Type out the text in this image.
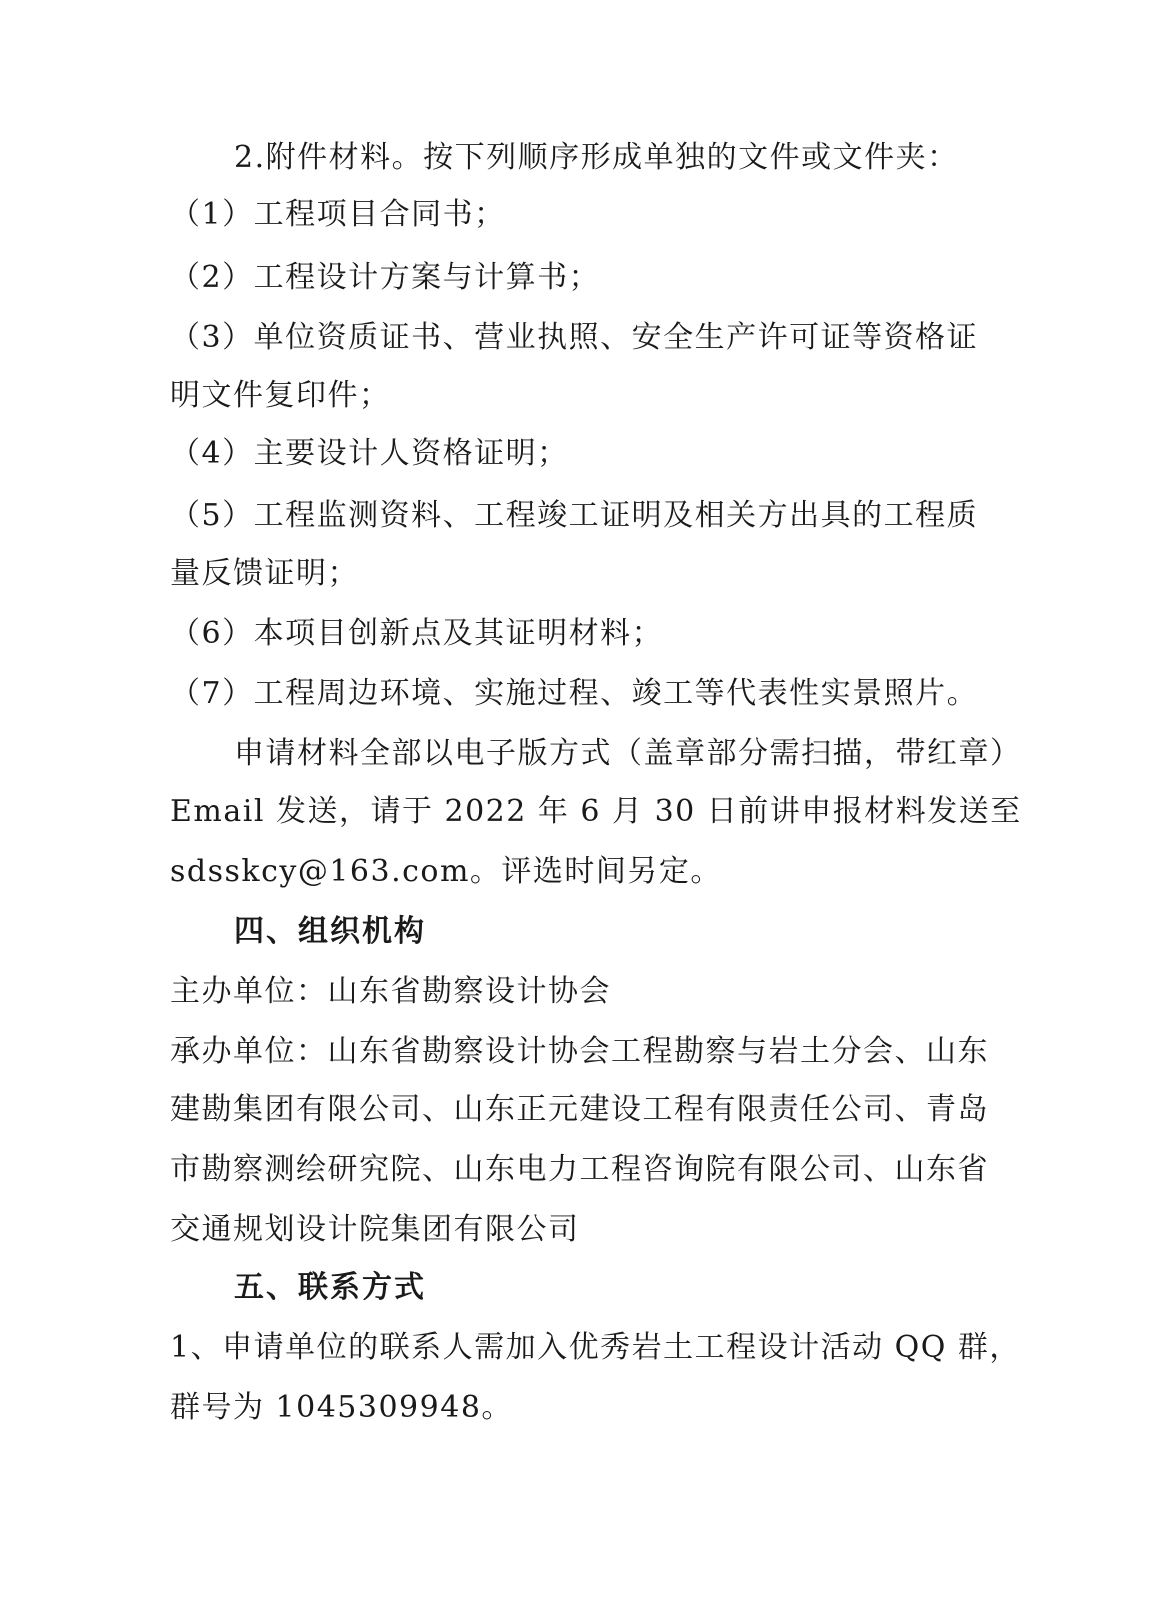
2.附件材料。按下列顺序形成单独的文件或文件夹：
（1）工程项目合同书；
（2）工程设计方案与计算书；
（3）单位资质证书、营业执照、安全生产许可证等资格证
明文件复印件；
（4）主要设计人资格证明；
（5）工程监测资料、工程竣工证明及相关方出具的工程质
量反馈证明；
（6）本项目创新点及其证明材料；
（7）工程周边环境、实施过程、竣工等代表性实景照片。
申请材料全部以电子版方式（盖章部分需扫描，带红章）
Email 发送，请于 2022 年 6 月 30 日前讲申报材料发送至
sdsskcy@163.com。评选时间另定。
四、组织机构
主办单位：山东省勘察设计协会
承办单位：山东省勘察设计协会工程勘察与岩土分会、山东
建勘集团有限公司、山东正元建设工程有限责任公司、青岛
市勘察测绘研究院、山东电力工程咨询院有限公司、山东省
交通规划设计院集团有限公司
五、联系方式
1、申请单位的联系人需加入优秀岩土工程设计活动 QQ 群，
群号为 1045309948。
